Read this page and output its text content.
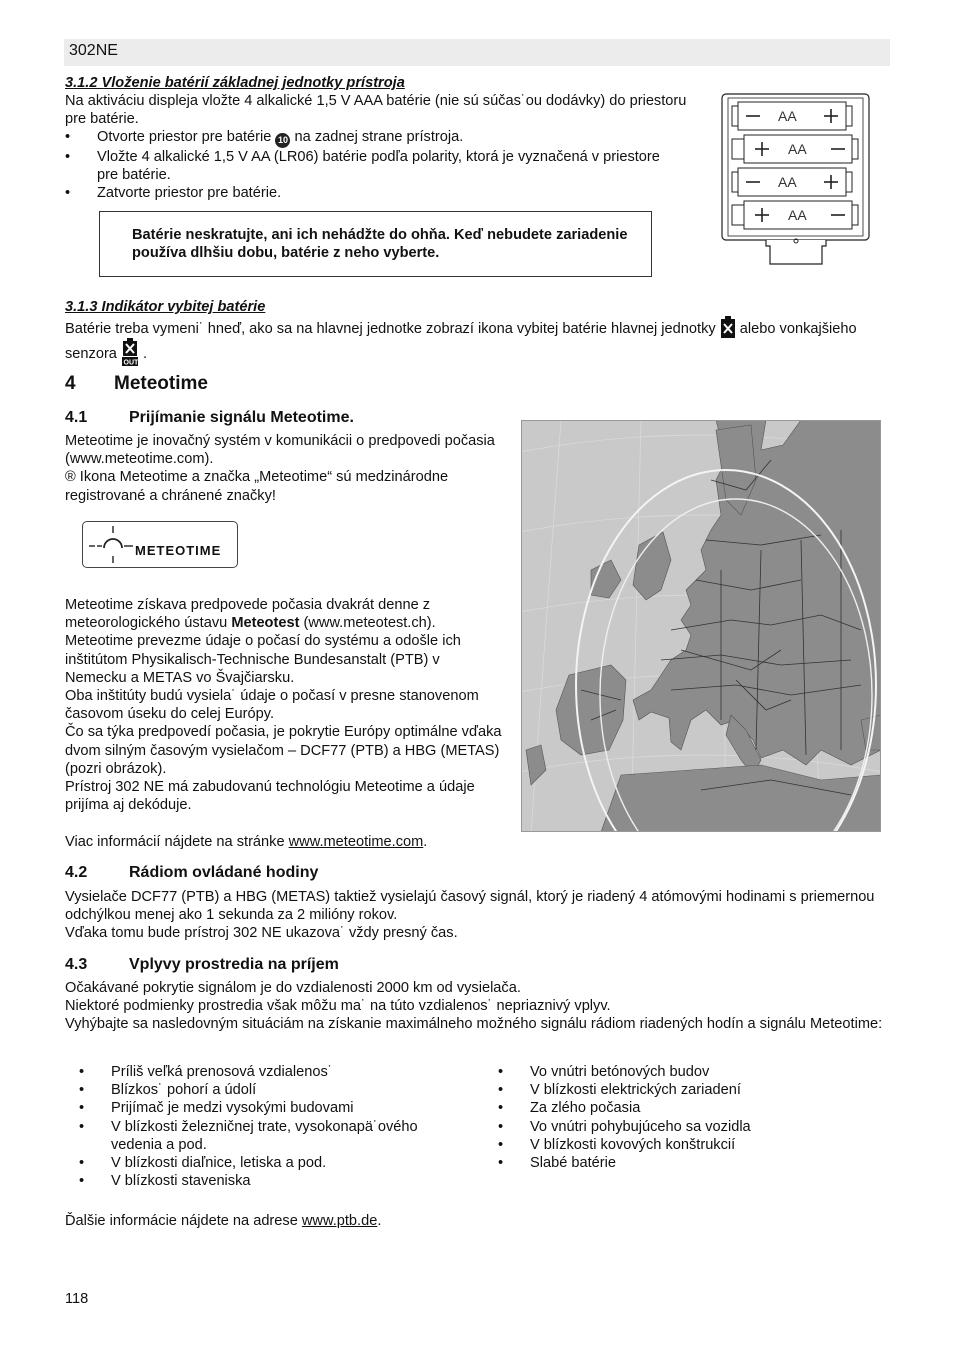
302NE
3.1.2 Vloženie batérií základnej jednotky prístroja
Na aktiváciu displeja vložte 4 alkalické 1,5 V AAA batérie (nie sú súčas˙ou dodávky) do priestoru pre batérie.
• Otvorte priestor pre batérie 10 na zadnej strane prístroja.
• Vložte 4 alkalické 1,5 V AA (LR06) batérie podľa polarity, ktorá je vyznačená v priestore pre batérie.
• Zatvorte priestor pre batérie.
Batérie neskratujte, ani ich nehádžte do ohňa. Keď nebudete zariadenie používa dlhšiu dobu, batérie z neho vyberte.
AA
AA
AA
AA
3.1.3 Indikátor vybitej batérie
Batérie treba vymeni˙ hneď, ako sa na hlavnej jednotke zobrazí ikona vybitej batérie hlavnej jednotky alebo vonkajšieho senzora
OUT
.
4 Meteotime
4.1	Prijímanie signálu Meteotime.
Meteotime je inovačný systém v komunikácii o predpovedi počasia (www.meteotime.com).
® Ikona Meteotime a značka „Meteotime“ sú medzinárodne registrované a chránené značky!
METEOTIME
Meteotime získava predpovede počasia dvakrát denne z meteorologického ústavu Meteotest (www.meteotest.ch).
Meteotime prevezme údaje o počasí do systému a odošle ich inštitútom Physikalisch-Technische Bundesanstalt (PTB) v Nemecku a METAS vo Švajčiarsku.
Oba inštitúty budú vysiela˙ údaje o počasí v presne stanovenom časovom úseku do celej Európy.
Čo sa týka predpovedí počasia, je pokrytie Európy optimálne vďaka dvom silným časovým vysielačom – DCF77 (PTB) a HBG (METAS) (pozri obrázok).
Prístroj 302 NE má zabudovanú technológiu Meteotime a údaje prijíma aj dekóduje.
Viac informácií nájdete na stránke www.meteotime.com.
4.2	Rádiom ovládané hodiny
Vysielače DCF77 (PTB) a HBG (METAS) taktiež vysielajú časový signál, ktorý je riadený 4 atómovými hodinami s priemernou odchýlkou menej ako 1 sekunda za 2 milióny rokov.
Vďaka tomu bude prístroj 302 NE ukazova˙ vždy presný čas.
4.3	Vplyvy prostredia na príjem
Očakávané pokrytie signálom je do vzdialenosti 2000 km od vysielača.
Niektoré podmienky prostredia však môžu ma˙ na túto vzdialenos˙ nepriaznivý vplyv.
Vyhýbajte sa nasledovným situáciám na získanie maximálneho možného signálu rádiom riadených hodín a signálu Meteotime:
• Príliš veľká prenosová vzdialenos˙
• Blízkos˙ pohorí a údolí
• Prijímač je medzi vysokými budovami
• V blízkosti železničnej trate, vysokonapä˙ového vedenia a pod.
• V blízkosti diaľnice, letiska a pod.
• V blízkosti staveniska
• Vo vnútri betónových budov
• V blízkosti elektrických zariadení
• Za zlého počasia
• Vo vnútri pohybujúceho sa vozidla
• V blízkosti kovových konštrukcií
• Slabé batérie
Ďalšie informácie nájdete na adrese www.ptb.de.
118
